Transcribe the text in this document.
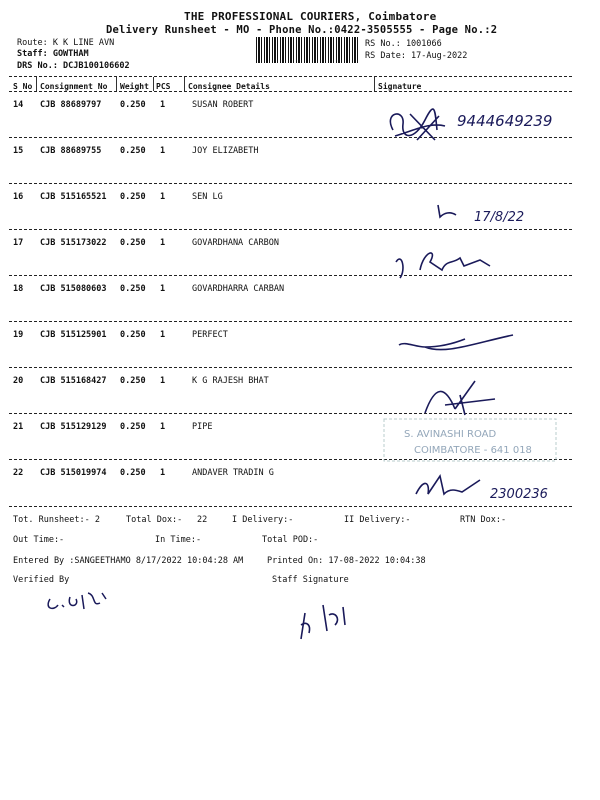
THE PROFESSIONAL COURIERS, Coimbatore
Delivery Runsheet - MO - Phone No.:0422-3505555 - Page No.:2
Route: K K LINE AVN
Staff: GOWTHAM
DRS No.: DCJB100106602
RS No.: 1001066
RS Date: 17-Aug-2022
S No Consignment No Weight PCS Consignee Details	Signature
14 CJB 88689797 0.250 1	SUSAN ROBERT
15 CJB 88689755 0.250 1	JOY ELIZABETH
16 CJB 515165521 0.250 1	SEN LG
17 CJB 515173022 0.250 1	GOVARDHANA CARBON
18 CJB 515080603 0.250 1	GOVARDHARRA CARBAN
19 CJB 515125901 0.250 1	PERFECT
20 CJB 515168427 0.250 1	K G RAJESH BHAT
21 CJB 515129129 0.250 1	PIPE
22 CJB 515019974 0.250 1	ANDAVER TRADIN G
9444649239
17/8/22
S. AVINASHI ROAD
COIMBATORE - 641 018
2300236
Tot. Runsheet:- 2	Total Dox:- 22	I Delivery:-	II Delivery:-	RTN Dox:-
Out Time:-	In Time:-	Total POD:-
Entered By :SANGEETHAMO 8/17/2022 10:04:28 AM	Printed On: 17-08-2022 10:04:38
Verified By	Staff Signature
